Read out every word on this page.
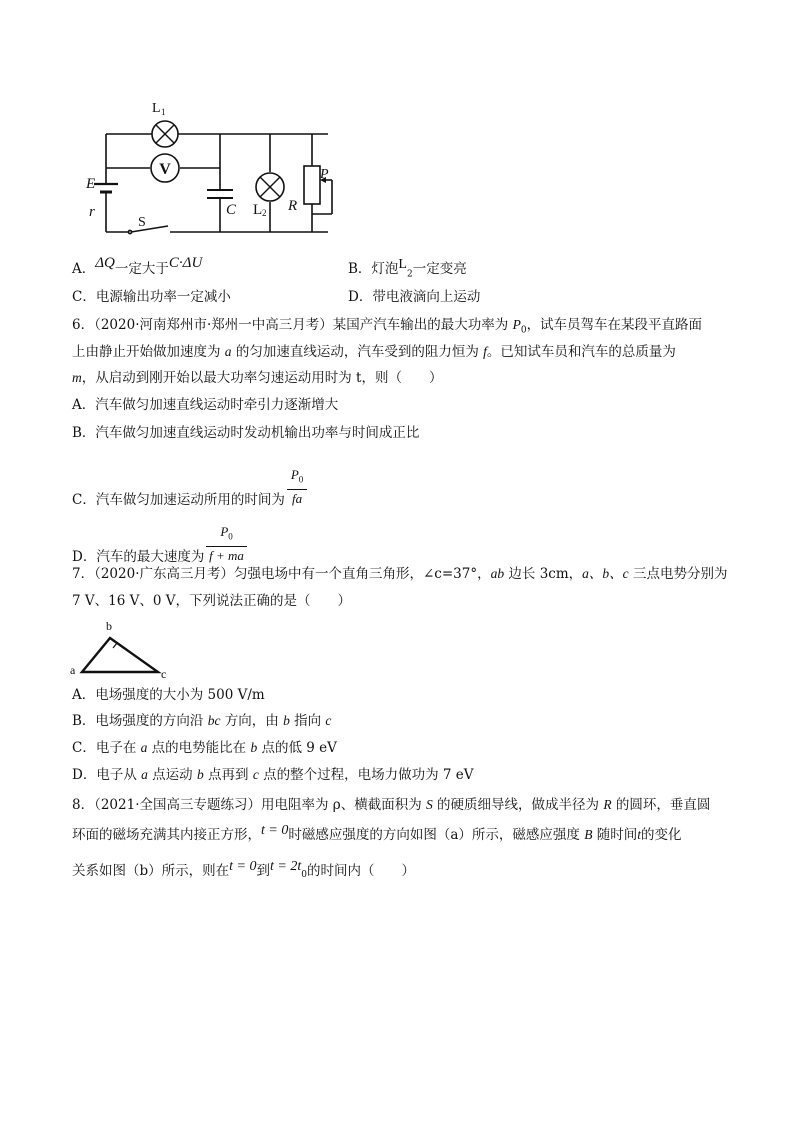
V
L 1
E
r
S
C L 2 R
P
A．ΔQ一定大于C·ΔU	B．灯泡$L_2$一定变亮
C．电源输出功率一定减小	D．带电液滴向上运动
6．（2020·河南郑州市·郑州一中高三月考）某国产汽车输出的最大功率为 $P_0$，试车员驾车在某段平直路面
上由静止开始做加速度为 a 的匀加速直线运动，汽车受到的阻力恒为 f。已知试车员和汽车的总质量为
m，从启动到刚开始以最大功率匀速运动用时为 t，则（　　）
A．汽车做匀加速直线运动时牵引力逐渐增大
B．汽车做匀加速直线运动时发动机输出功率与时间成正比
C．汽车做匀加速运动所用的时间为 $\frac{P_0}{fa}$
D．汽车的最大速度为 $\frac{P_0}{f + ma}$
7．（2020·广东高三月考）匀强电场中有一个直角三角形，∠c=37°，ab 边长 3cm，a、b、c 三点电势分别为
7 V、16 V、0 V，下列说法正确的是（　　）
a
b
c
A．电场强度的大小为 500 V/m
B．电场强度的方向沿 bc 方向，由 b 指向 c
C．电子在 a 点的电势能比在 b 点的低 9 eV
D．电子从 a 点运动 b 点再到 c 点的整个过程，电场力做功为 7 eV
8．（2021·全国高三专题练习）用电阻率为 ρ、横截面积为 S 的硬质细导线，做成半径为 R 的圆环，垂直圆
环面的磁场充满其内接正方形，t = 0时磁感应强度的方向如图（a）所示，磁感应强度 B 随时间t的变化
关系如图（b）所示，则在t = 0到$t = 2t_0$的时间内（　　）
